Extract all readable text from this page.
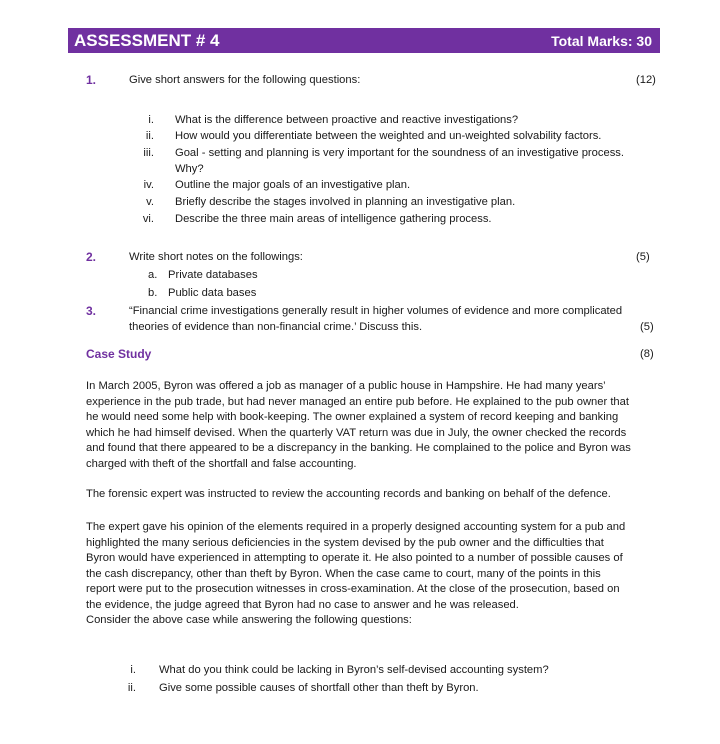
ASSESSMENT # 4	Total Marks: 30
1.	Give short answers for the following questions:	(12)
i. What is the difference between proactive and reactive investigations?
ii. How would you differentiate between the weighted and un-weighted solvability factors.
iii. Goal - setting and planning is very important for the soundness of an investigative process.
Why?
iv. Outline the major goals of an investigative plan.
v. Briefly describe the stages involved in planning an investigative plan.
vi. Describe the three main areas of intelligence gathering process.
2.	Write short notes on the followings:	(5)
a. Private databases
b. Public data bases
3.	“Financial crime investigations generally result in higher volumes of evidence and more complicated
theories of evidence than non-financial crime.’ Discuss this.	(5)
Case Study	(8)
In March 2005, Byron was offered a job as manager of a public house in Hampshire. He had many years’
experience in the pub trade, but had never managed an entire pub before. He explained to the pub owner that
he would need some help with book-keeping. The owner explained a system of record keeping and banking
which he had himself devised. When the quarterly VAT return was due in July, the owner checked the records
and found that there appeared to be a discrepancy in the banking. He complained to the police and Byron was
charged with theft of the shortfall and false accounting.
The forensic expert was instructed to review the accounting records and banking on behalf of the defence.
The expert gave his opinion of the elements required in a properly designed accounting system for a pub and
highlighted the many serious deficiencies in the system devised by the pub owner and the difficulties that
Byron would have experienced in attempting to operate it. He also pointed to a number of possible causes of
the cash discrepancy, other than theft by Byron. When the case came to court, many of the points in this
report were put to the prosecution witnesses in cross-examination. At the close of the prosecution, based on
the evidence, the judge agreed that Byron had no case to answer and he was released.
Consider the above case while answering the following questions:
i. What do you think could be lacking in Byron’s self-devised accounting system?
ii. Give some possible causes of shortfall other than theft by Byron.
